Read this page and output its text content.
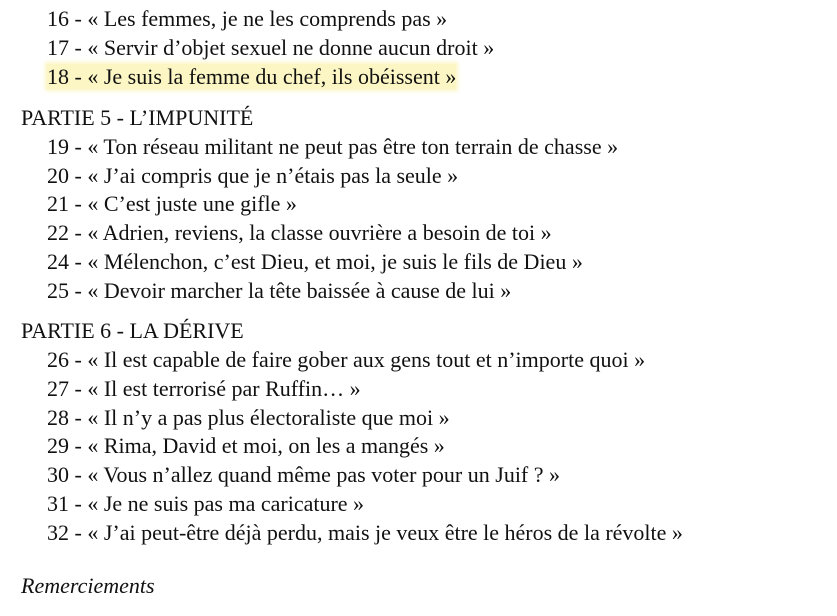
16 - « Les femmes, je ne les comprends pas »
17 - « Servir d’objet sexuel ne donne aucun droit »
18 - « Je suis la femme du chef, ils obéissent »
PARTIE 5 - L’IMPUNITÉ
19 - « Ton réseau militant ne peut pas être ton terrain de chasse »
20 - « J’ai compris que je n’étais pas la seule »
21 - « C’est juste une gifle »
22 - « Adrien, reviens, la classe ouvrière a besoin de toi »
24 - « Mélenchon, c’est Dieu, et moi, je suis le fils de Dieu »
25 - « Devoir marcher la tête baissée à cause de lui »
PARTIE 6 - LA DÉRIVE
26 - « Il est capable de faire gober aux gens tout et n’importe quoi »
27 - « Il est terrorisé par Ruffin… »
28 - « Il n’y a pas plus électoraliste que moi »
29 - « Rima, David et moi, on les a mangés »
30 - « Vous n’allez quand même pas voter pour un Juif ? »
31 - « Je ne suis pas ma caricature »
32 - « J’ai peut-être déjà perdu, mais je veux être le héros de la révolte »
Remerciements
